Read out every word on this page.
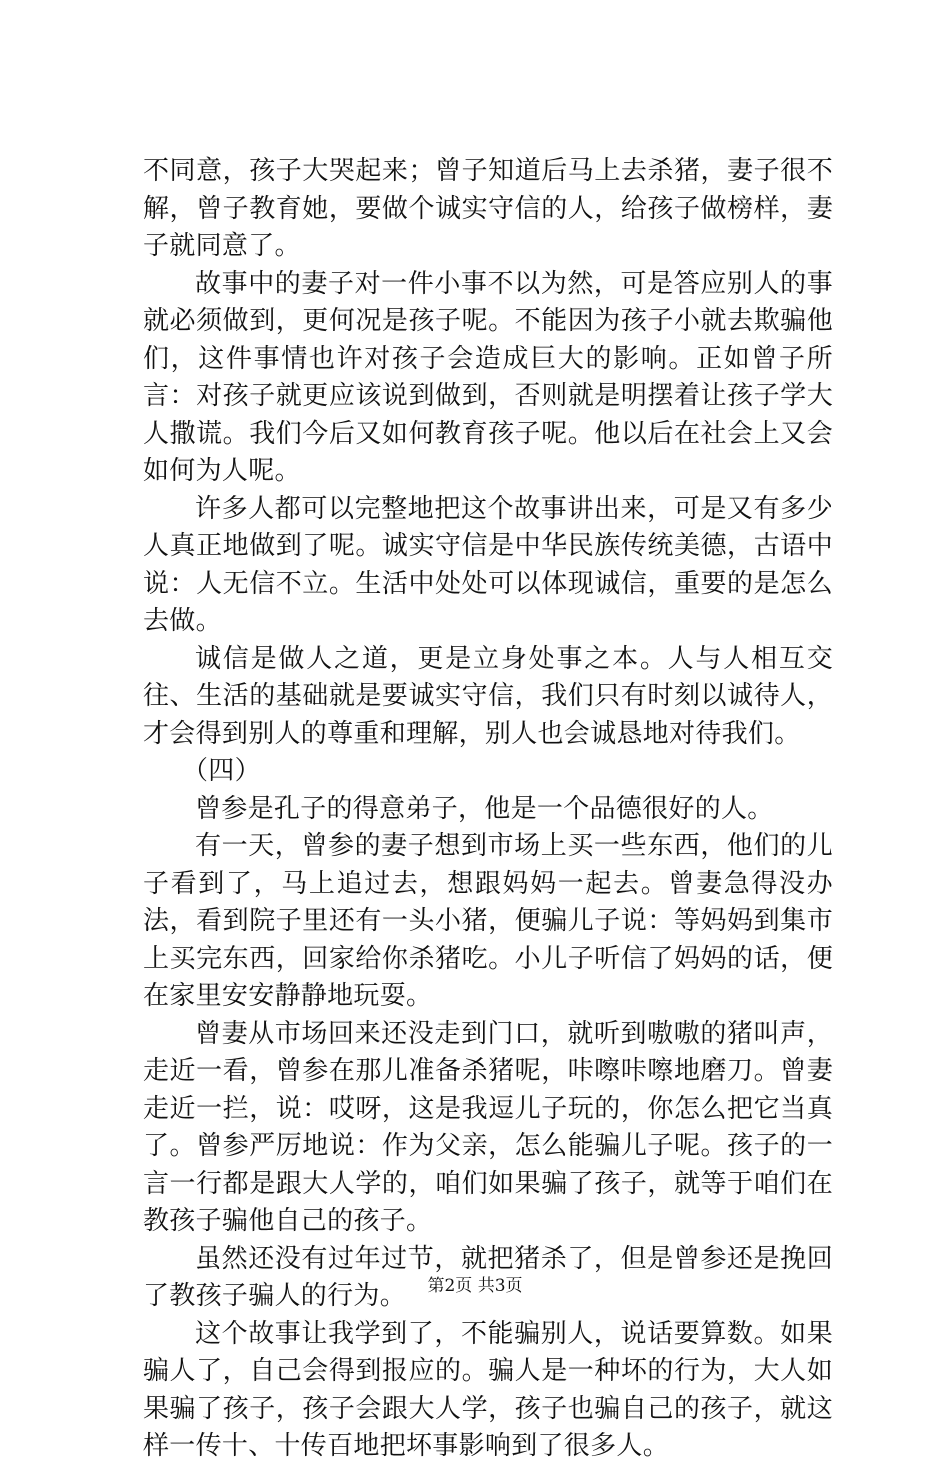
不同意，孩子大哭起来；曾子知道后马上去杀猪，妻子很不解，曾子教育她，要做个诚实守信的人，给孩子做榜样，妻子就同意了。

故事中的妻子对一件小事不以为然，可是答应别人的事就必须做到，更何况是孩子呢。不能因为孩子小就去欺骗他们，这件事情也许对孩子会造成巨大的影响。正如曾子所言：对孩子就更应该说到做到，否则就是明摆着让孩子学大人撒谎。我们今后又如何教育孩子呢。他以后在社会上又会如何为人呢。

许多人都可以完整地把这个故事讲出来，可是又有多少人真正地做到了呢。诚实守信是中华民族传统美德，古语中说：人无信不立。生活中处处可以体现诚信，重要的是怎么去做。

诚信是做人之道，更是立身处事之本。人与人相互交往、生活的基础就是要诚实守信，我们只有时刻以诚待人，才会得到别人的尊重和理解，别人也会诚恳地对待我们。

（四）

曾参是孔子的得意弟子，他是一个品德很好的人。

有一天，曾参的妻子想到市场上买一些东西，他们的儿子看到了，马上追过去，想跟妈妈一起去。曾妻急得没办法，看到院子里还有一头小猪，便骗儿子说：等妈妈到集市上买完东西，回家给你杀猪吃。小儿子听信了妈妈的话，便在家里安安静静地玩耍。

曾妻从市场回来还没走到门口，就听到嗷嗷的猪叫声，走近一看，曾参在那儿准备杀猪呢，咔嚓咔嚓地磨刀。曾妻走近一拦，说：哎呀，这是我逗儿子玩的，你怎么把它当真了。曾参严厉地说：作为父亲，怎么能骗儿子呢。孩子的一言一行都是跟大人学的，咱们如果骗了孩子，就等于咱们在教孩子骗他自己的孩子。

虽然还没有过年过节，就把猪杀了，但是曾参还是挽回了教孩子骗人的行为。

这个故事让我学到了，不能骗别人，说话要算数。如果骗人了，自己会得到报应的。骗人是一种坏的行为，大人如果骗了孩子，孩子会跟大人学，孩子也骗自己的孩子，就这样一传十、十传百地把坏事影响到了很多人。

第2页 共3页
